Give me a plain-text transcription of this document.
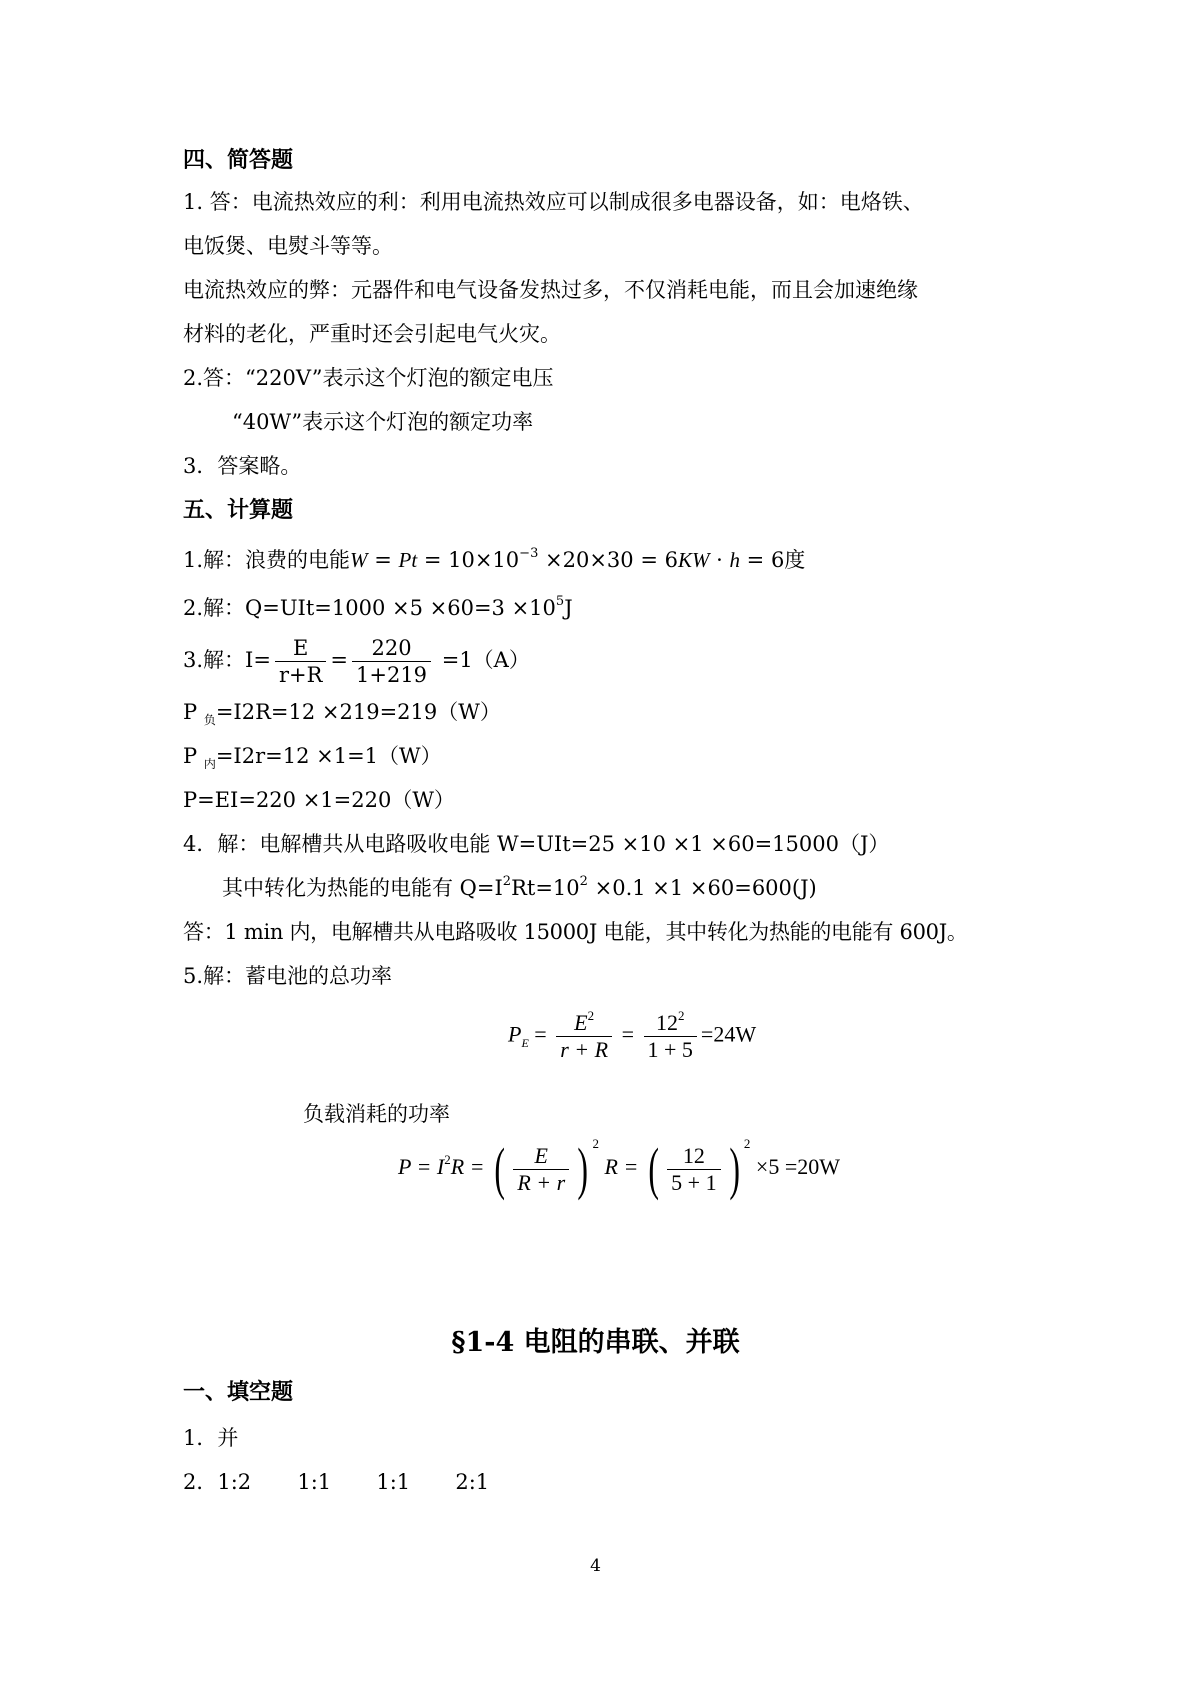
四、简答题
1. 答：电流热效应的利：利用电流热效应可以制成很多电器设备，如：电烙铁、
电饭煲、电熨斗等等。
电流热效应的弊：元器件和电气设备发热过多，不仅消耗电能，而且会加速绝缘
材料的老化，严重时还会引起电气火灾。
2.答：“220V”表示这个灯泡的额定电压
“40W”表示这个灯泡的额定功率
3．答案略。
五、计算题
1.解：浪费的电能$W = Pt = 10\times 10^{-3} \times 20\times 30 = 6KW \cdot h = 6$度
2.解：$Q=UIt=1000 \times 5 \times 60=3 \times 10^5J$
3.解：$I= \frac{E}{r+R} = \frac{220}{1+219} =1(A)$
P $_负$=I2R=12 ×219=219（W）
P $_内$=I2r=12 ×1=1（W）
P=EI=220 ×1=220（W）
4．解：电解槽共从电路吸收电能 W=UIt=25 ×10 ×1 ×60=15000（J）
其中转化为热能的电能有 $Q=I^2Rt=10^2 \times 0.1 \times 1 \times 60=600(J)$
答：1 min 内，电解槽共从电路吸收 15000J 电能，其中转化为热能的电能有 600J。
5.解：蓄电池的总功率
$P_E = \frac{E^2}{r + R} = \frac{12^2}{1 + 5} =24W$
负载消耗的功率
$P = I^2R$ = ( $\frac{E}{R + r}$ ) $^2$ R = ( $\frac{12}{5 + 1}$ ) $^2$ ×5 =20W
§1-4 电阻的串联、并联
一、填空题
1．并
2．1:2 1:1 1:1 2:1
4
